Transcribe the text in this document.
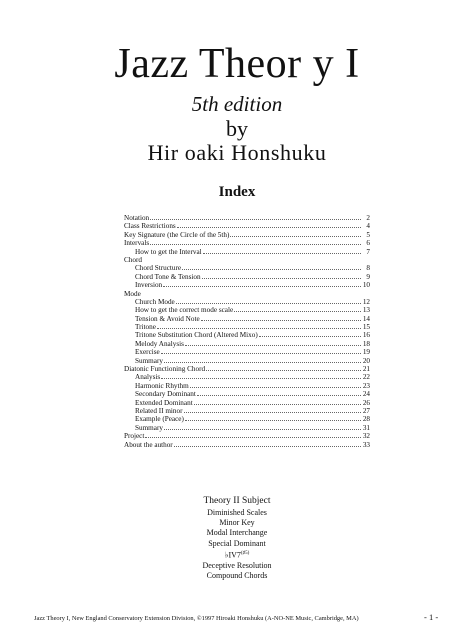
Jazz Theor y I
5th edition
by
Hir oaki Honshuku
Index
Notation	2
Class Restrictions	4
Key Signature (the Circle of the 5th)	5
Intervals	6
How to get the Interval	7
Chord
Chord Structure	8
Chord Tone & Tension	9
Inversion	10
Mode
Church Mode	12
How to get the correct mode scale	13
Tension & Avoid Note	14
Tritone	15
Tritone Substitution Chord (Altered Mixo)	16
Melody Analysis	18
Exercise	19
Summary	20
Diatonic Functioning Chord	21
Analysis	22
Harmonic Rhythm	23
Secondary Dominant	24
Extended Dominant	26
Related II minor	27
Example (Peace)	28
Summary	31
Project	32
About the author	33
Theory II Subject
Diminished Scales
Minor Key
Modal Interchange
Special Dominant
$♭IV7^{(♯5)}$
Deceptive Resolution
Compound Chords
Jazz Theory I, New England Conservatory Extension Division, ©1997 Hiroaki Honshuku (A-NO-NE Music, Cambridge, MA)	- 1 -
